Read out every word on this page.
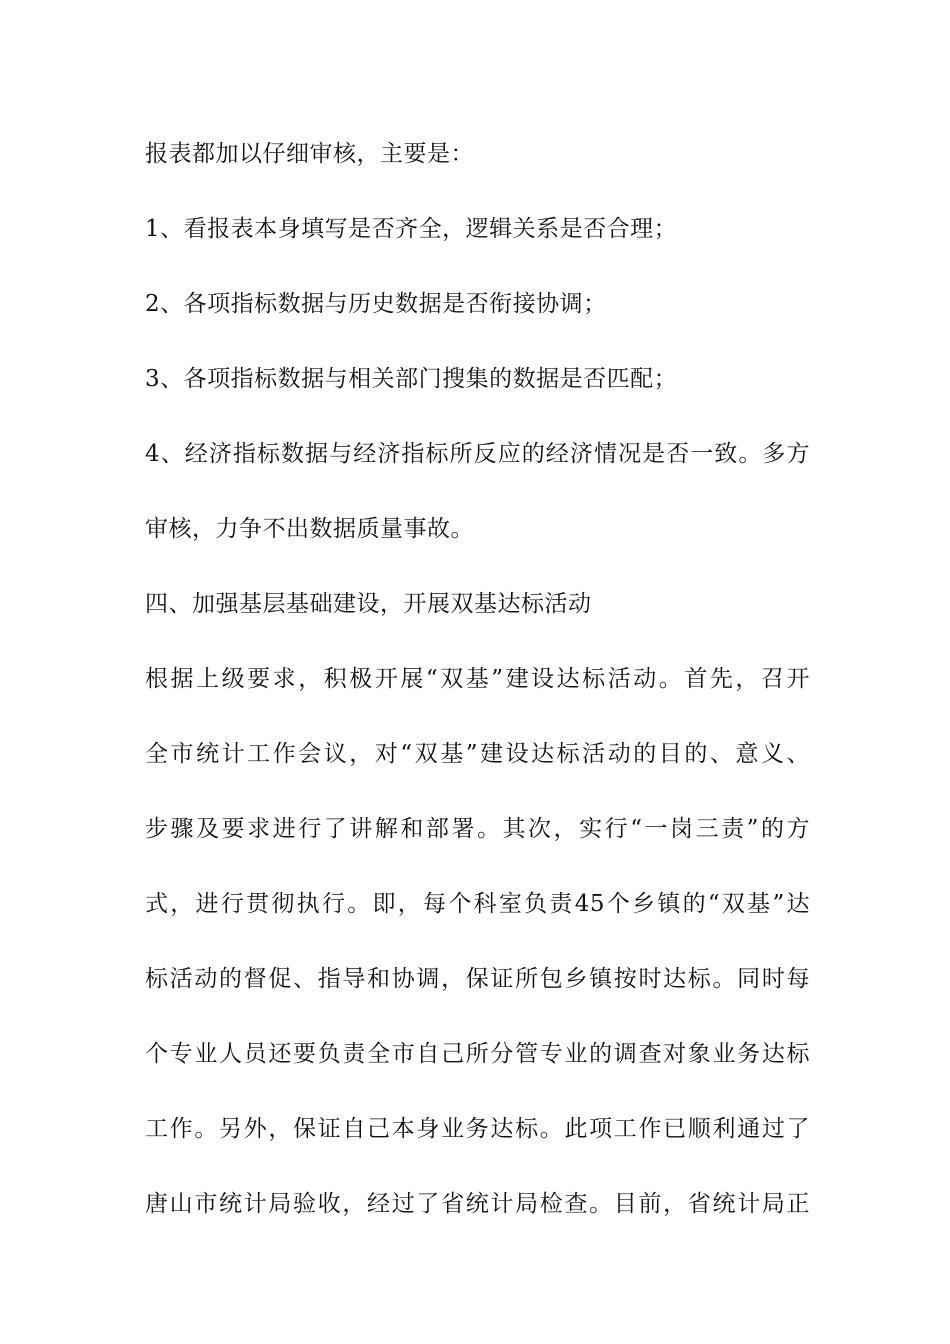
报表都加以仔细审核，主要是：

1、看报表本身填写是否齐全，逻辑关系是否合理；

2、各项指标数据与历史数据是否衔接协调；

3、各项指标数据与相关部门搜集的数据是否匹配；

4、经济指标数据与经济指标所反应的经济情况是否一致。多方

审核，力争不出数据质量事故。

四、加强基层基础建设，开展双基达标活动

根据上级要求，积极开展“双基”建设达标活动。首先，召开

全市统计工作会议，对“双基”建设达标活动的目的、意义、

步骤及要求进行了讲解和部署。其次，实行“一岗三责”的方

式，进行贯彻执行。即，每个科室负责45个乡镇的“双基”达

标活动的督促、指导和协调，保证所包乡镇按时达标。同时每

个专业人员还要负责全市自己所分管专业的调查对象业务达标

工作。另外，保证自己本身业务达标。此项工作已顺利通过了

唐山市统计局验收，经过了省统计局检查。目前，省统计局正
